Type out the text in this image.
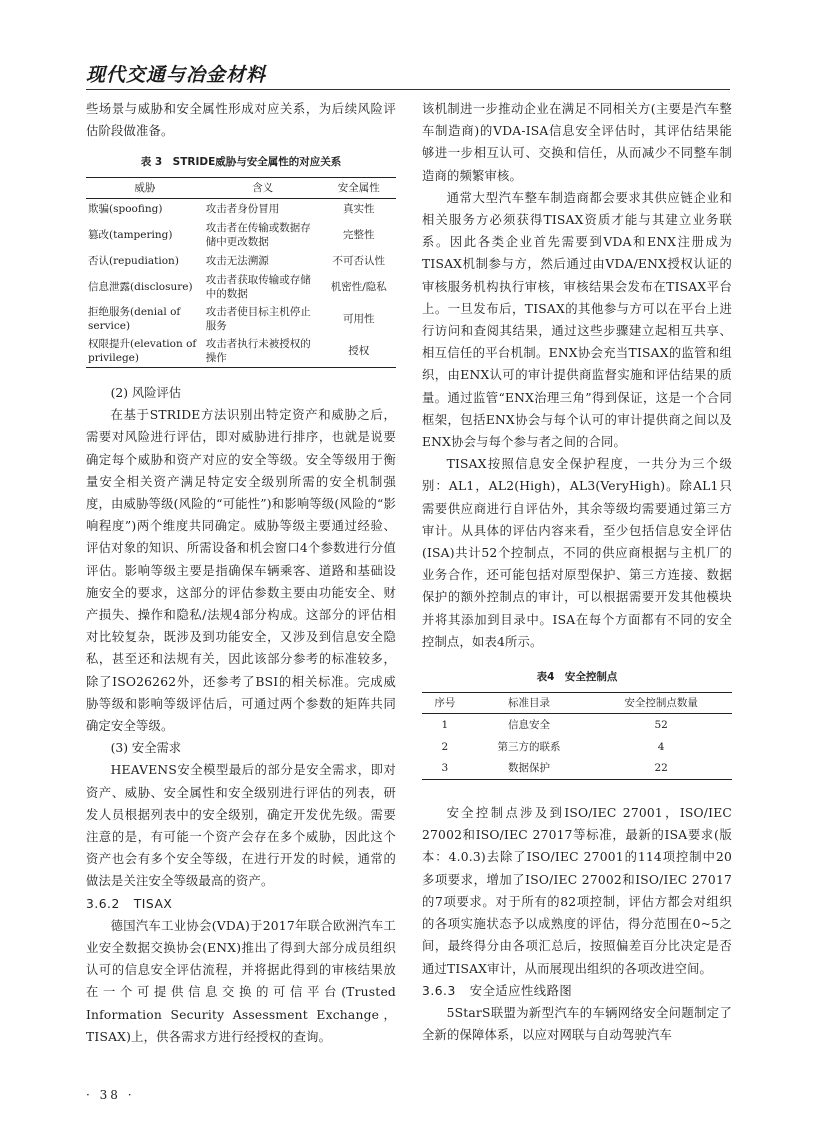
现代交通与冶金材料

些场景与威胁和安全属性形成对应关系，为后续风险评估阶段做准备。

表 3　STRIDE威胁与安全属性的对应关系
威胁	含义	安全属性
欺骗(spoofing)	攻击者身份冒用	真实性
篡改(tampering)	攻击者在传输或数据存储中更改数据	完整性
否认(repudiation)	攻击无法溯源	不可否认性
信息泄露(disclosure)	攻击者获取传输或存储中的数据	机密性/隐私
拒绝服务(denial of service)	攻击者使目标主机停止服务	可用性
权限提升(elevation of privilege)	攻击者执行未被授权的操作	授权
(2) 风险评估

在基于STRIDE方法识别出特定资产和威胁之后，需要对风险进行评估，即对威胁进行排序，也就是说要确定每个威胁和资产对应的安全等级。安全等级用于衡量安全相关资产满足特定安全级别所需的安全机制强度，由威胁等级(风险的“可能性”)和影响等级(风险的“影响程度”)两个维度共同确定。威胁等级主要通过经验、评估对象的知识、所需设备和机会窗口4个参数进行分值评估。影响等级主要是指确保车辆乘客、道路和基础设施安全的要求，这部分的评估参数主要由功能安全、财产损失、操作和隐私/法规4部分构成。这部分的评估相对比较复杂，既涉及到功能安全，又涉及到信息安全隐私，甚至还和法规有关，因此该部分参考的标准较多，除了ISO26262外，还参考了BSI的相关标准。完成威胁等级和影响等级评估后，可通过两个参数的矩阵共同确定安全等级。

(3) 安全需求

HEAVENS安全模型最后的部分是安全需求，即对资产、威胁、安全属性和安全级别进行评估的列表，研发人员根据列表中的安全级别，确定开发优先级。需要注意的是，有可能一个资产会存在多个威胁，因此这个资产也会有多个安全等级，在进行开发的时候，通常的做法是关注安全等级最高的资产。

3.6.2 TISAX

德国汽车工业协会(VDA)于2017年联合欧洲汽车工业安全数据交换协会(ENX)推出了得到大部分成员组织认可的信息安全评估流程，并将据此得到的审核结果放在一个可提供信息交换的可信平台(Trusted Information Security Assessment Exchange，TISAX)上，供各需求方进行经授权的查询。

该机制进一步推动企业在满足不同相关方(主要是汽车整车制造商)的VDA-ISA信息安全评估时，其评估结果能够进一步相互认可、交换和信任，从而减少不同整车制造商的频繁审核。

通常大型汽车整车制造商都会要求其供应链企业和相关服务方必须获得TISAX资质才能与其建立业务联系。因此各类企业首先需要到VDA和ENX注册成为TISAX机制参与方，然后通过由VDA/ENX授权认证的审核服务机构执行审核，审核结果会发布在TISAX平台上。一旦发布后，TISAX的其他参与方可以在平台上进行访问和查阅其结果，通过这些步骤建立起相互共享、相互信任的平台机制。ENX协会充当TISAX的监管和组织，由ENX认可的审计提供商监督实施和评估结果的质量。通过监管“ENX治理三角”得到保证，这是一个合同框架，包括ENX协会与每个认可的审计提供商之间以及ENX协会与每个参与者之间的合同。

TISAX按照信息安全保护程度，一共分为三个级别：AL1，AL2(High)，AL3(VeryHigh)。除AL1只需要供应商进行自评估外，其余等级均需要通过第三方审计。从具体的评估内容来看，至少包括信息安全评估(ISA)共计52个控制点，不同的供应商根据与主机厂的业务合作，还可能包括对原型保护、第三方连接、数据保护的额外控制点的审计，可以根据需要开发其他模块并将其添加到目录中。ISA在每个方面都有不同的安全控制点，如表4所示。

表4　安全控制点
序号	标准目录	安全控制点数量
1	信息安全	52
2	第三方的联系	4
3	数据保护	22

安全控制点涉及到ISO/IEC 27001，ISO/IEC 27002和ISO/IEC 27017等标准，最新的ISA要求(版本：4.0.3)去除了ISO/IEC 27001的114项控制中20多项要求，增加了ISO/IEC 27002和ISO/IEC 27017的7项要求。对于所有的82项控制，评估方都会对组织的各项实施状态予以成熟度的评估，得分范围在0~5之间，最终得分由各项汇总后，按照偏差百分比决定是否通过TISAX审计，从而展现出组织的各项改进空间。

3.6.3 安全适应性线路图

5StarS联盟为新型汽车的车辆网络安全问题制定了全新的保障体系，以应对网联与自动驾驶汽车

· 38 ·
